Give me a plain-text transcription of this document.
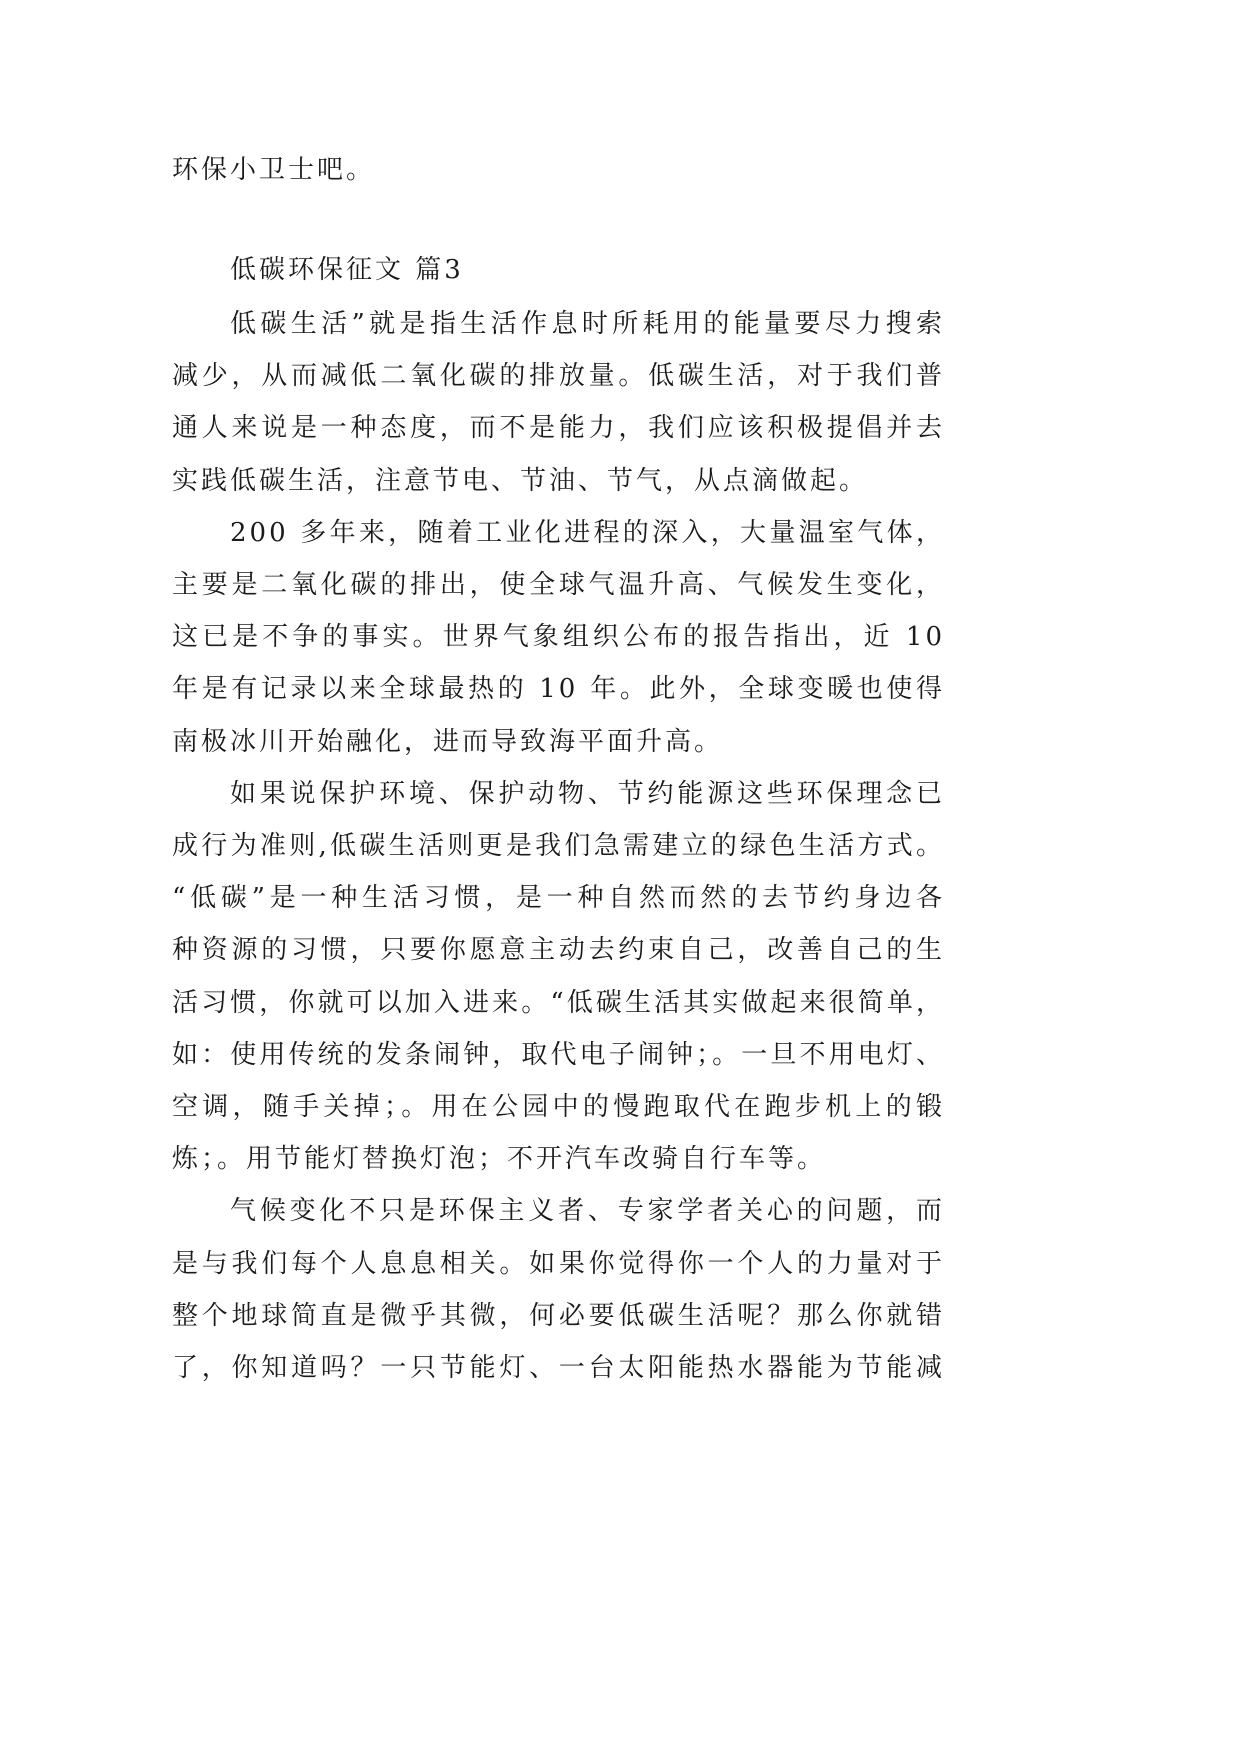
环保小卫士吧。
低碳环保征文 篇3
低碳生活”就是指生活作息时所耗用的能量要尽力搜索
减少，从而减低二氧化碳的排放量。低碳生活，对于我们普
通人来说是一种态度，而不是能力，我们应该积极提倡并去
实践低碳生活，注意节电、节油、节气，从点滴做起。
200 多年来，随着工业化进程的深入，大量温室气体，
主要是二氧化碳的排出，使全球气温升高、气候发生变化，
这已是不争的事实。世界气象组织公布的报告指出，近 10
年是有记录以来全球最热的 10 年。此外，全球变暖也使得
南极冰川开始融化，进而导致海平面升高。
如果说保护环境、保护动物、节约能源这些环保理念已
成行为准则,低碳生活则更是我们急需建立的绿色生活方式。
“低碳”是一种生活习惯，是一种自然而然的去节约身边各
种资源的习惯，只要你愿意主动去约束自己，改善自己的生
活习惯，你就可以加入进来。“低碳生活其实做起来很简单，
如：使用传统的发条闹钟，取代电子闹钟；。一旦不用电灯、
空调，随手关掉；。用在公园中的慢跑取代在跑步机上的锻
炼；。用节能灯替换灯泡；不开汽车改骑自行车等。
气候变化不只是环保主义者、专家学者关心的问题，而
是与我们每个人息息相关。如果你觉得你一个人的力量对于
整个地球简直是微乎其微，何必要低碳生活呢？那么你就错
了，你知道吗？一只节能灯、一台太阳能热水器能为节能减
